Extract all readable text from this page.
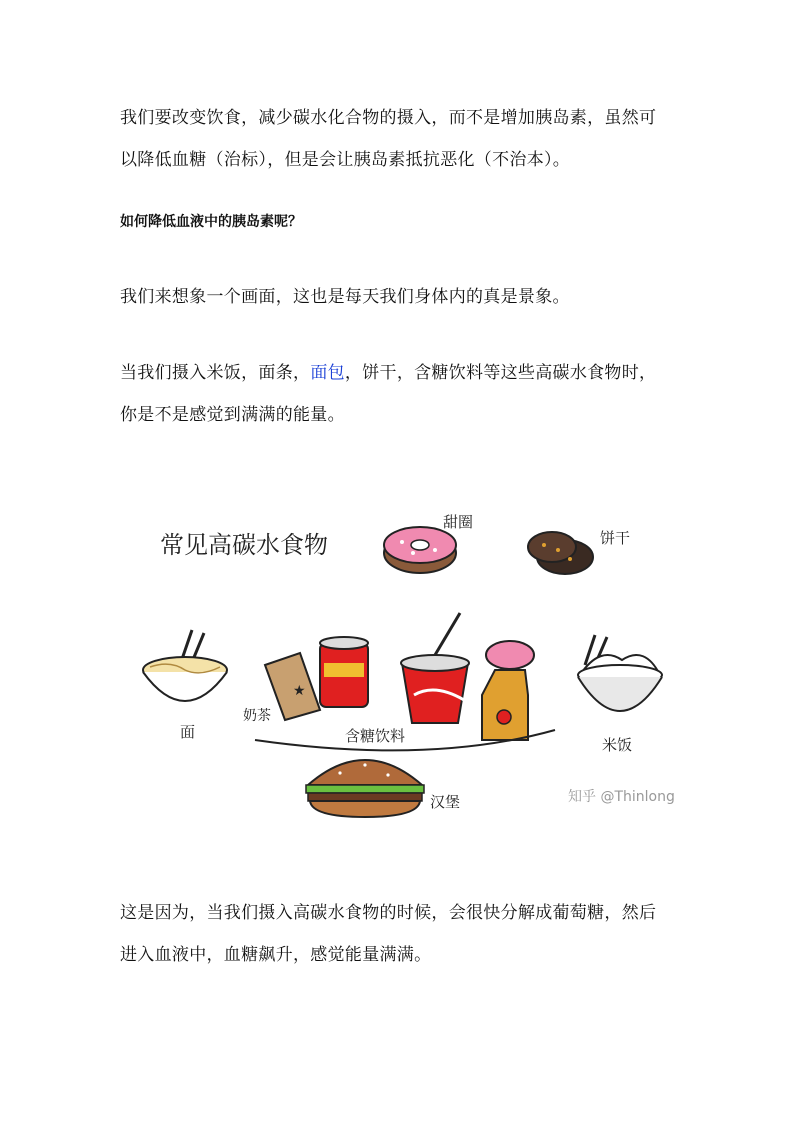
我们要改变饮食，减少碳水化合物的摄入，而不是增加胰岛素，虽然可
以降低血糖（治标），但是会让胰岛素抵抗恶化（不治本）。
如何降低血液中的胰岛素呢？
我们来想象一个画面，这也是每天我们身体内的真是景象。
当我们摄入米饭，面条，面包，饼干，含糖饮料等这些高碳水食物时，
你是不是感觉到满满的能量。
常见高碳水食物
甜圈
饼干
面
★
奶茶
含糖饮料	米饭
汉堡	知乎 @Thinlong
这是因为，当我们摄入高碳水食物的时候，会很快分解成葡萄糖，然后
进入血液中，血糖飙升，感觉能量满满。
